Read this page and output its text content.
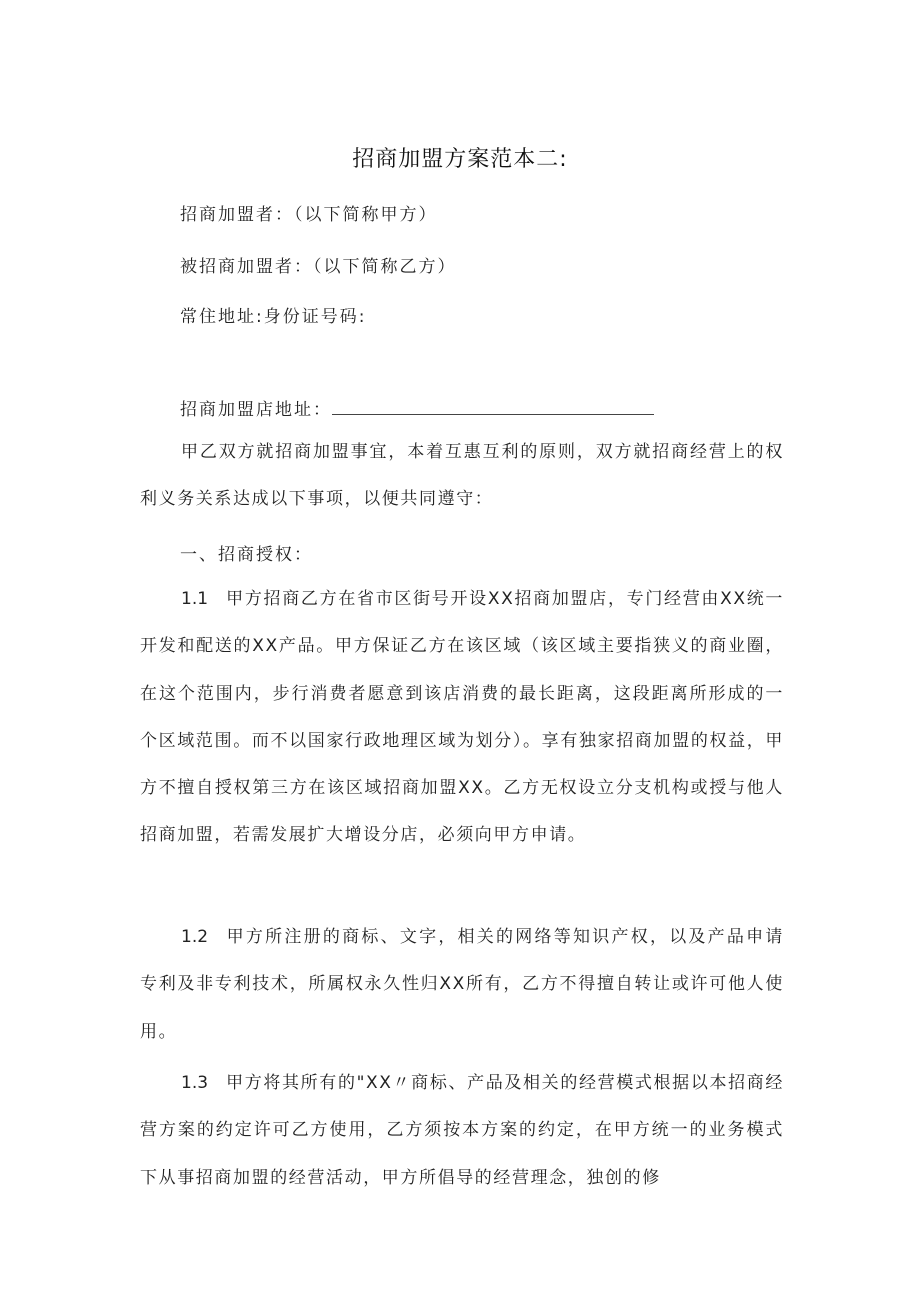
招商加盟方案范本二:
招商加盟者：（以下简称甲方）
被招商加盟者：（以下简称乙方）
常住地址:身份证号码:
招商加盟店地址：
甲乙双方就招商加盟事宜，本着互惠互利的原则，双方就招商经营上的权利义务关系达成以下事项，以便共同遵守：
一、招商授权：
1.1 甲方招商乙方在省市区街号开设XX招商加盟店，专门经营由XX统一开发和配送的XX产品。甲方保证乙方在该区域（该区域主要指狭义的商业圈，在这个范围内，步行消费者愿意到该店消费的最长距离，这段距离所形成的一个区域范围。而不以国家行政地理区域为划分）。享有独家招商加盟的权益，甲方不擅自授权第三方在该区域招商加盟XX。乙方无权设立分支机构或授与他人招商加盟，若需发展扩大增设分店，必须向甲方申请。
1.2 甲方所注册的商标、文字，相关的网络等知识产权，以及产品申请专利及非专利技术，所属权永久性归XX所有，乙方不得擅自转让或许可他人使用。
1.3 甲方将其所有的"XX〃商标、产品及相关的经营模式根据以本招商经营方案的约定许可乙方使用，乙方须按本方案的约定，在甲方统一的业务模式下从事招商加盟的经营活动，甲方所倡导的经营理念，独创的修
